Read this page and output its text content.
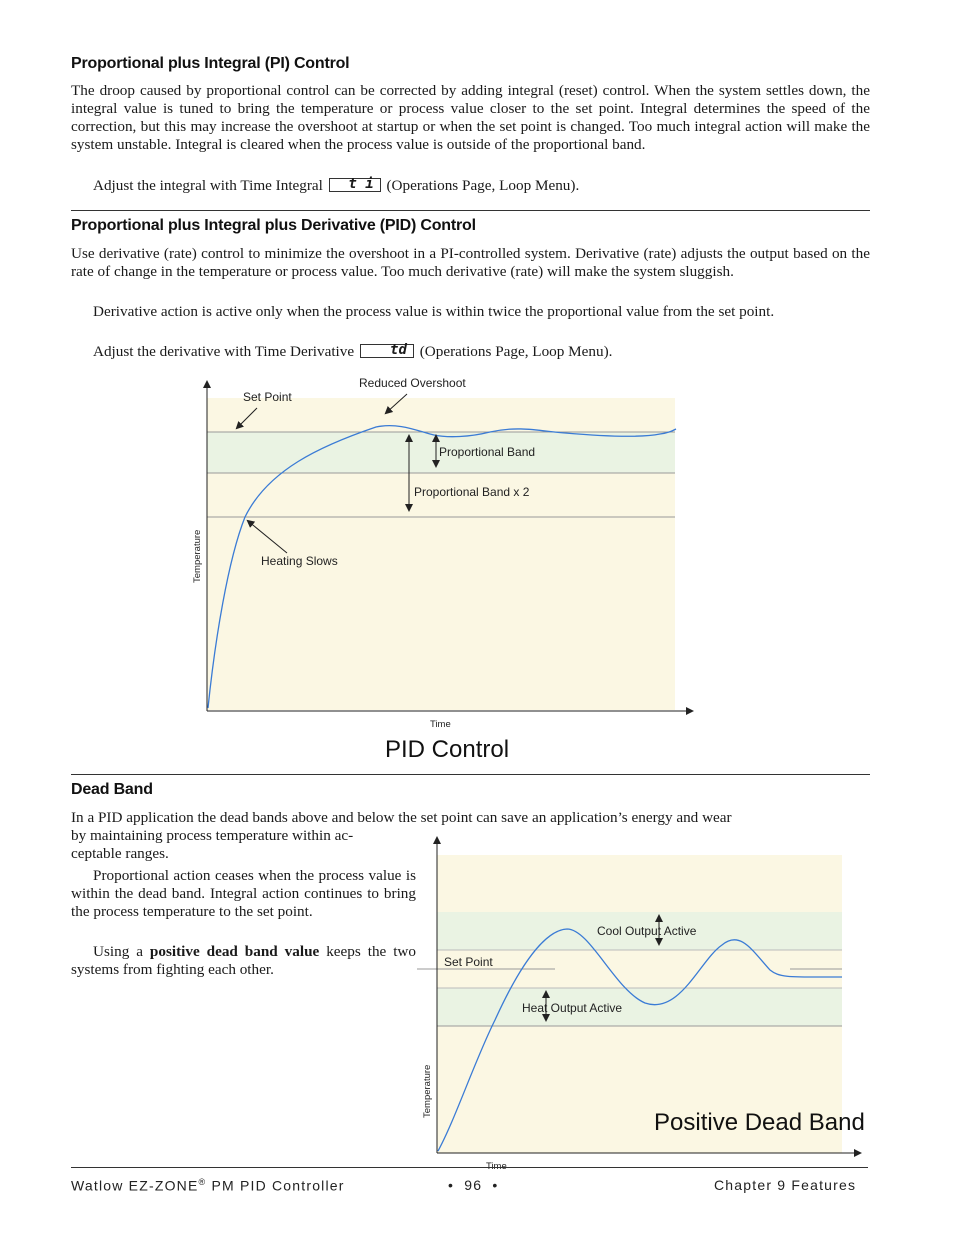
Proportional plus Integral (PI) Control
The droop caused by proportional control can be corrected by adding integral (reset) control. When the system settles down, the integral value is tuned to bring the temperature or process value closer to the set point. Integral determines the speed of the correction, but this may increase the overshoot at startup or when the set point is changed. Too much integral action will make the system unstable. Integral is cleared when the process value is outside of the proportional band.
Adjust the integral with Time Integral t i (Operations Page, Loop Menu).
Proportional plus Integral plus Derivative (PID) Control
Use derivative (rate) control to minimize the overshoot in a PI-controlled system. Derivative (rate) adjusts the output based on the rate of change in the temperature or process value. Too much derivative (rate) will make the system sluggish.
Derivative action is active only when the process value is within twice the proportional value from the set point.
Adjust the derivative with Time Derivative	td (Operations Page, Loop Menu).
Set Point
Reduced Overshoot
Proportional Band
Proportional Band x 2
Heating Slows
Temperature
Time
PID Control
Dead Band
In a PID application the dead bands above and below the set point can save an application’s energy and wear
by maintaining process temperature within ac-
ceptable ranges.
Proportional action ceases when the process value is within the dead band. Integral action continues to bring the process temperature to the set point.
Using a positive dead band value keeps the two systems from fighting each other.
Cool Output Active
Set Point
Heat Output Active
Temperature
Positive Dead Band
Watlow EZ-ZONE® PM PID Controller	•  96  •	Chapter 9 Features
